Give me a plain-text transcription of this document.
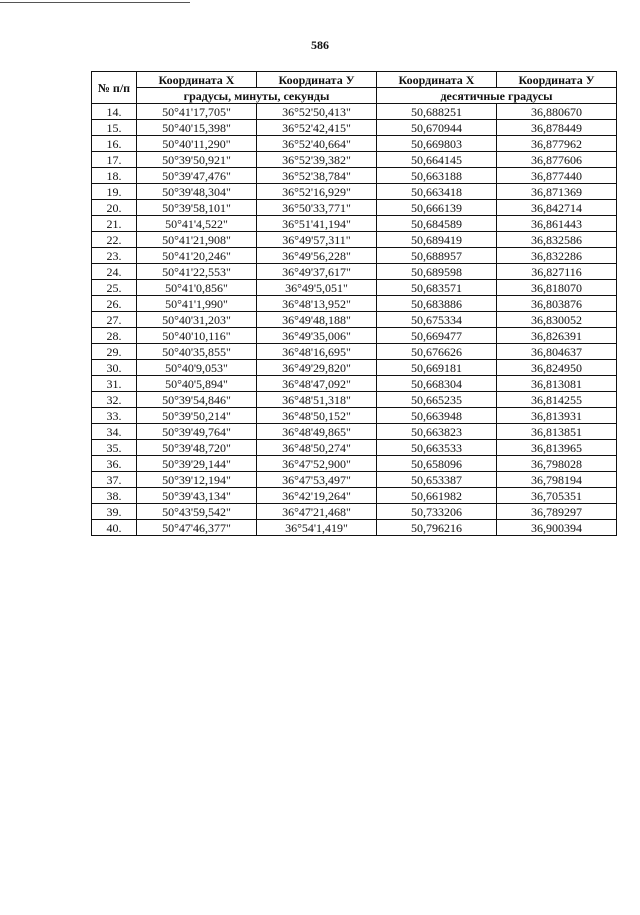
586
№ п/п	Координата X	Координата У	Координата X	Координата У
	градусы, минуты, секунды		десятичные градусы	
14.	50°41'17,705"	36°52'50,413"	50,688251	36,880670
15.	50°40'15,398"	36°52'42,415"	50,670944	36,878449
16.	50°40'11,290"	36°52'40,664"	50,669803	36,877962
17.	50°39'50,921"	36°52'39,382"	50,664145	36,877606
18.	50°39'47,476"	36°52'38,784"	50,663188	36,877440
19.	50°39'48,304"	36°52'16,929"	50,663418	36,871369
20.	50°39'58,101"	36°50'33,771"	50,666139	36,842714
21.	50°41'4,522"	36°51'41,194"	50,684589	36,861443
22.	50°41'21,908"	36°49'57,311"	50,689419	36,832586
23.	50°41'20,246"	36°49'56,228"	50,688957	36,832286
24.	50°41'22,553"	36°49'37,617"	50,689598	36,827116
25.	50°41'0,856"	36°49'5,051"	50,683571	36,818070
26.	50°41'1,990"	36°48'13,952"	50,683886	36,803876
27.	50°40'31,203"	36°49'48,188"	50,675334	36,830052
28.	50°40'10,116"	36°49'35,006"	50,669477	36,826391
29.	50°40'35,855"	36°48'16,695"	50,676626	36,804637
30.	50°40'9,053"	36°49'29,820"	50,669181	36,824950
31.	50°40'5,894"	36°48'47,092"	50,668304	36,813081
32.	50°39'54,846"	36°48'51,318"	50,665235	36,814255
33.	50°39'50,214"	36°48'50,152"	50,663948	36,813931
34.	50°39'49,764"	36°48'49,865"	50,663823	36,813851
35.	50°39'48,720"	36°48'50,274"	50,663533	36,813965
36.	50°39'29,144"	36°47'52,900"	50,658096	36,798028
37.	50°39'12,194"	36°47'53,497"	50,653387	36,798194
38.	50°39'43,134"	36°42'19,264"	50,661982	36,705351
39.	50°43'59,542"	36°47'21,468"	50,733206	36,789297
40.	50°47'46,377"	36°54'1,419"	50,796216	36,900394
